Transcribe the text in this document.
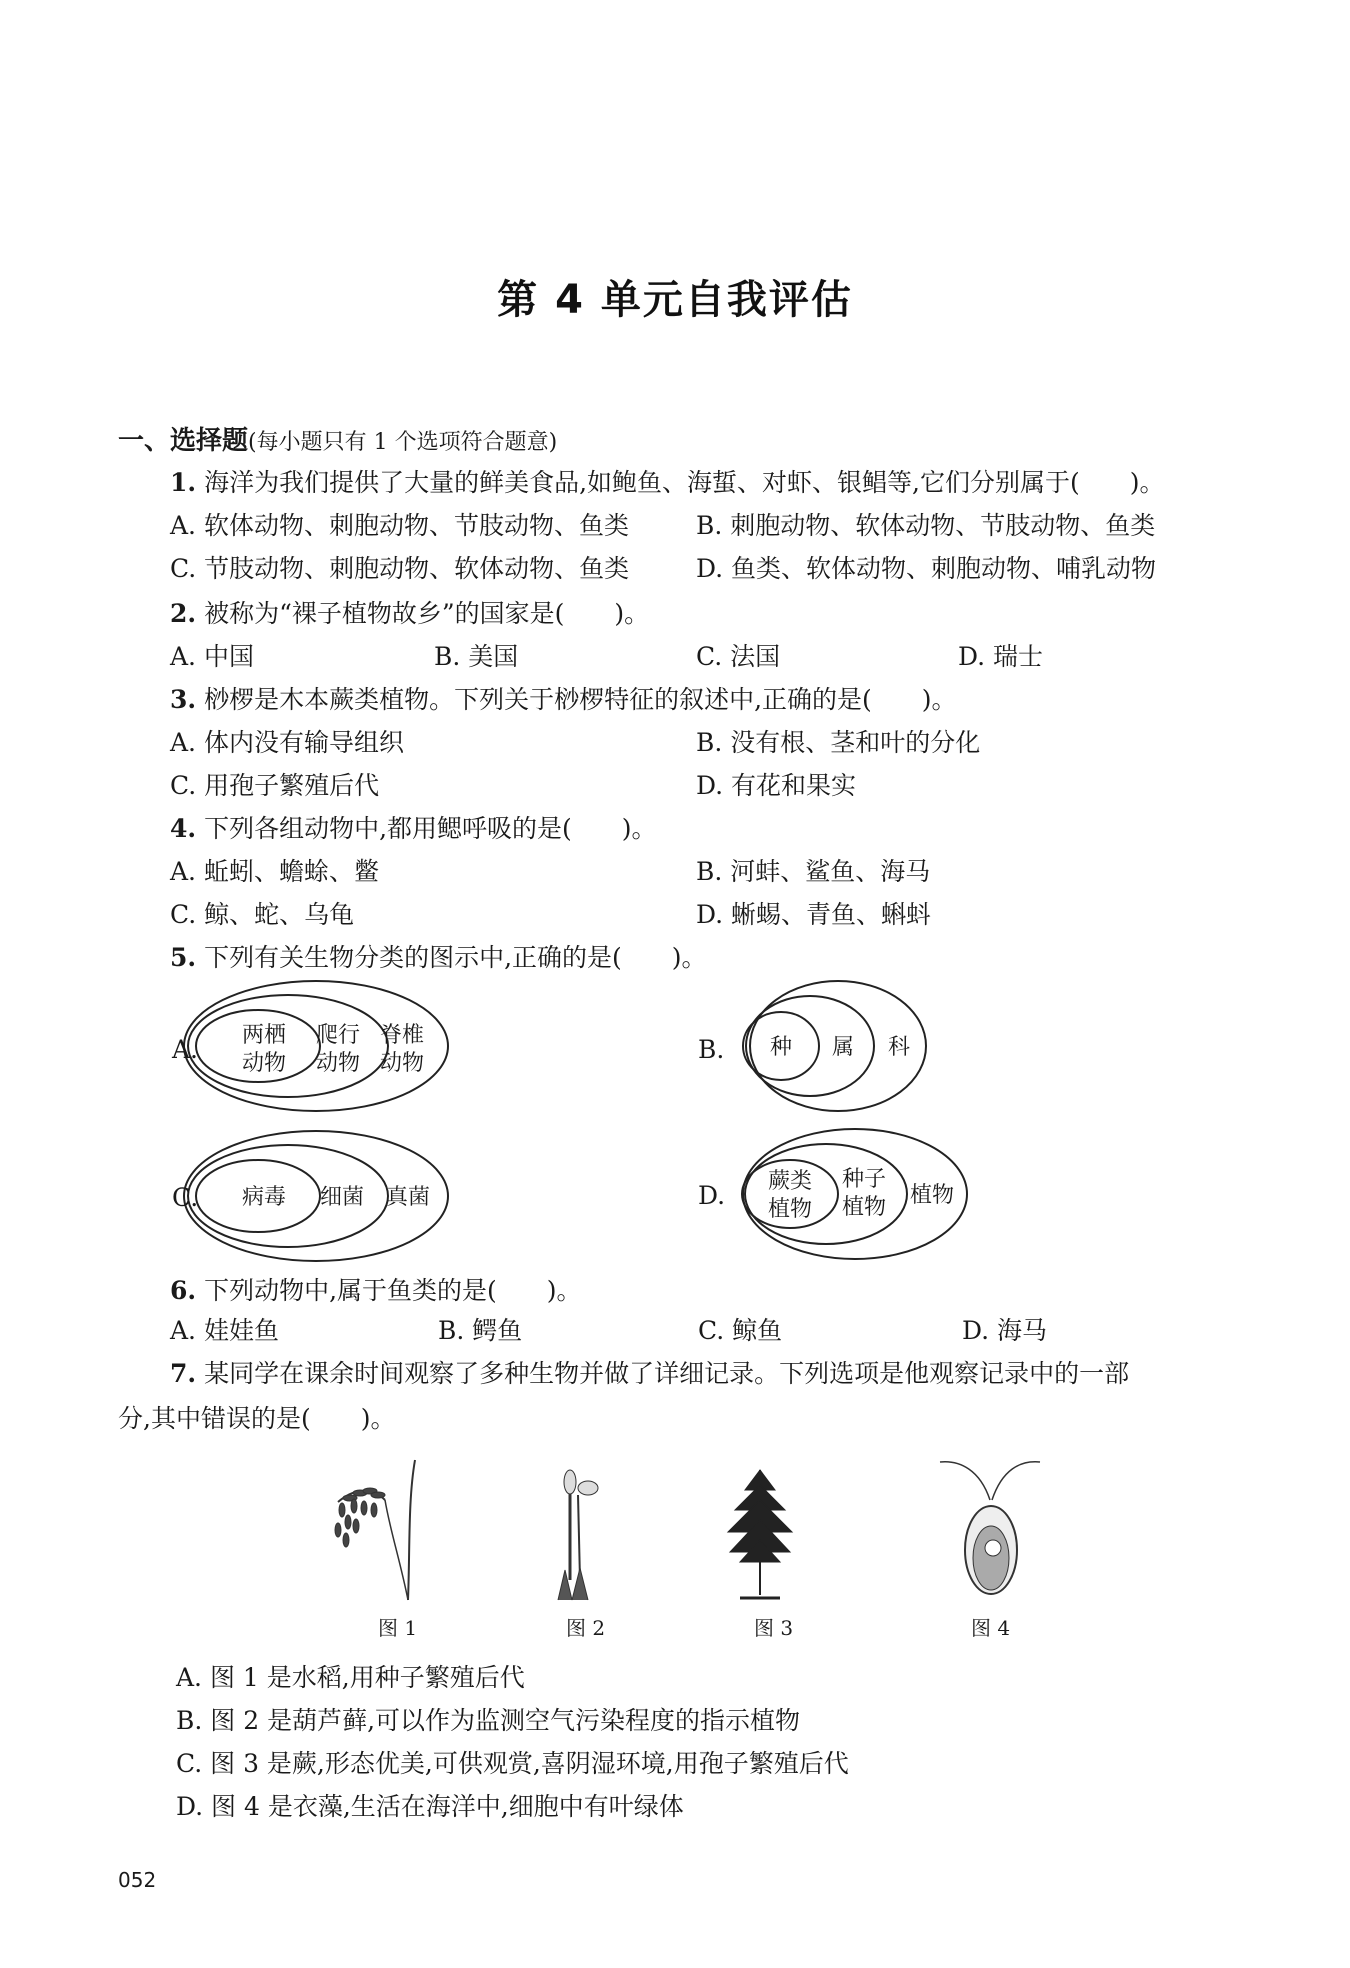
第 4 单元自我评估
一、选择题(每小题只有 1 个选项符合题意)
1. 海洋为我们提供了大量的鲜美食品,如鲍鱼、海蜇、对虾、银鲳等,它们分别属于(　　)。
A. 软体动物、刺胞动物、节肢动物、鱼类	B. 刺胞动物、软体动物、节肢动物、鱼类
C. 节肢动物、刺胞动物、软体动物、鱼类	D. 鱼类、软体动物、刺胞动物、哺乳动物
2. 被称为“裸子植物故乡”的国家是(　　)。
A. 中国	B. 美国	C. 法国	D. 瑞士
3. 桫椤是木本蕨类植物。下列关于桫椤特征的叙述中,正确的是(　　)。
A. 体内没有输导组织	B. 没有根、茎和叶的分化
C. 用孢子繁殖后代	D. 有花和果实
4. 下列各组动物中,都用鳃呼吸的是(　　)。
A. 蚯蚓、蟾蜍、鳖	B. 河蚌、鲨鱼、海马
C. 鲸、蛇、乌龟	D. 蜥蜴、青鱼、蝌蚪
5. 下列有关生物分类的图示中,正确的是(　　)。
A. 两栖
动物
爬行
动物
脊椎
动物	B. 种 属 科
C. 病毒 细菌 真菌	D. 蕨类
植物
种子
植物 植物
6. 下列动物中,属于鱼类的是(　　)。
A. 娃娃鱼	B. 鳄鱼	C. 鲸鱼	D. 海马
7. 某同学在课余时间观察了多种生物并做了详细记录。下列选项是他观察记录中的一部
分,其中错误的是(　　)。
图 1	图 2	图 3	图 4
A. 图 1 是水稻,用种子繁殖后代
B. 图 2 是葫芦藓,可以作为监测空气污染程度的指示植物
C. 图 3 是蕨,形态优美,可供观赏,喜阴湿环境,用孢子繁殖后代
D. 图 4 是衣藻,生活在海洋中,细胞中有叶绿体
052
